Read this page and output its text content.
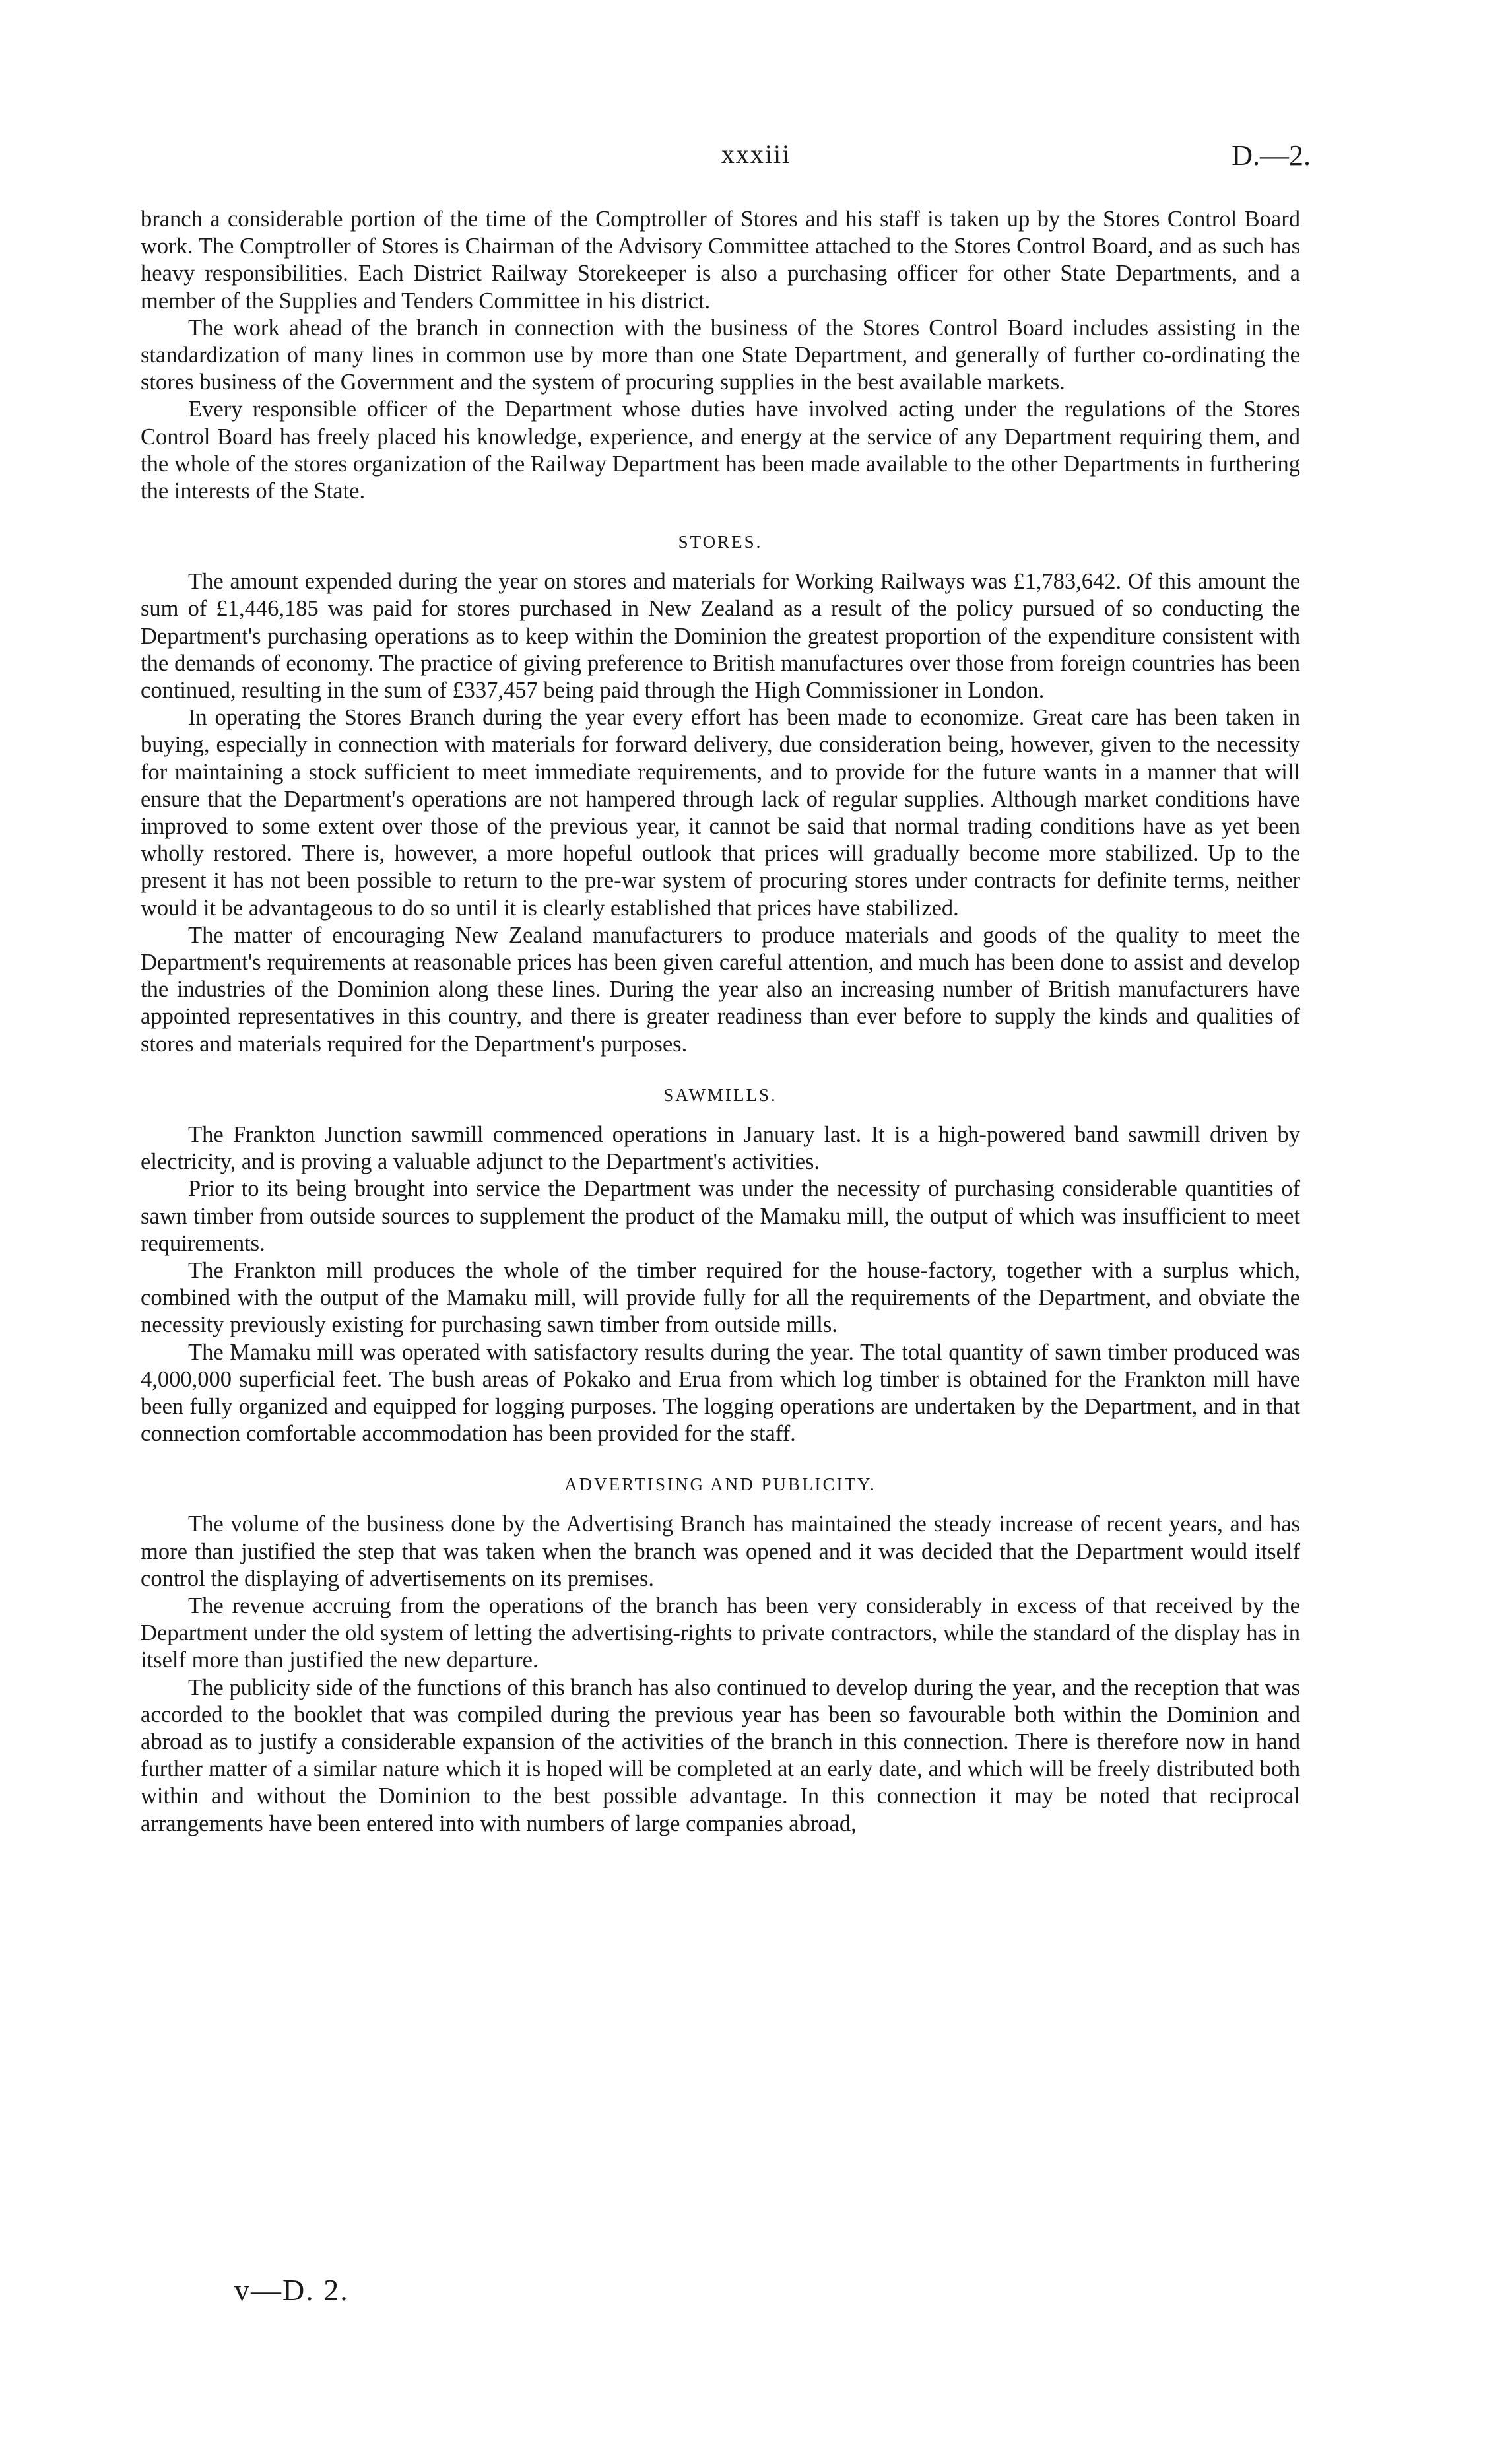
xxxiii	D.—2.

branch a considerable portion of the time of the Comptroller of Stores and his staff is taken up by the Stores Control Board work. The Comptroller of Stores is Chairman of the Advisory Committee attached to the Stores Control Board, and as such has heavy responsibilities. Each District Railway Storekeeper is also a purchasing officer for other State Departments, and a member of the Supplies and Tenders Committee in his district.

The work ahead of the branch in connection with the business of the Stores Control Board includes assisting in the standardization of many lines in common use by more than one State Department, and generally of further co-ordinating the stores business of the Government and the system of procuring supplies in the best available markets.

Every responsible officer of the Department whose duties have involved acting under the regulations of the Stores Control Board has freely placed his knowledge, experience, and energy at the service of any Department requiring them, and the whole of the stores organization of the Railway Department has been made available to the other Departments in furthering the interests of the State.

STORES.

The amount expended during the year on stores and materials for Working Railways was £1,783,642. Of this amount the sum of £1,446,185 was paid for stores purchased in New Zealand as a result of the policy pursued of so conducting the Department's purchasing operations as to keep within the Dominion the greatest proportion of the expenditure consistent with the demands of economy. The practice of giving preference to British manufactures over those from foreign countries has been continued, resulting in the sum of £337,457 being paid through the High Commissioner in London.

In operating the Stores Branch during the year every effort has been made to economize. Great care has been taken in buying, especially in connection with materials for forward delivery, due consideration being, however, given to the necessity for maintaining a stock sufficient to meet immediate requirements, and to provide for the future wants in a manner that will ensure that the Department's operations are not hampered through lack of regular supplies. Although market conditions have improved to some extent over those of the previous year, it cannot be said that normal trading conditions have as yet been wholly restored. There is, however, a more hopeful outlook that prices will gradually become more stabilized. Up to the present it has not been possible to return to the pre-war system of procuring stores under contracts for definite terms, neither would it be advantageous to do so until it is clearly established that prices have stabilized.

The matter of encouraging New Zealand manufacturers to produce materials and goods of the quality to meet the Department's requirements at reasonable prices has been given careful attention, and much has been done to assist and develop the industries of the Dominion along these lines. During the year also an increasing number of British manufacturers have appointed representatives in this country, and there is greater readiness than ever before to supply the kinds and qualities of stores and materials required for the Department's purposes.

SAWMILLS.

The Frankton Junction sawmill commenced operations in January last. It is a high-powered band sawmill driven by electricity, and is proving a valuable adjunct to the Department's activities.

Prior to its being brought into service the Department was under the necessity of purchasing considerable quantities of sawn timber from outside sources to supplement the product of the Mamaku mill, the output of which was insufficient to meet requirements.

The Frankton mill produces the whole of the timber required for the house-factory, together with a surplus which, combined with the output of the Mamaku mill, will provide fully for all the requirements of the Department, and obviate the necessity previously existing for purchasing sawn timber from outside mills.

The Mamaku mill was operated with satisfactory results during the year. The total quantity of sawn timber produced was 4,000,000 superficial feet. The bush areas of Pokako and Erua from which log timber is obtained for the Frankton mill have been fully organized and equipped for logging purposes. The logging operations are undertaken by the Department, and in that connection comfortable accommodation has been provided for the staff.

ADVERTISING AND PUBLICITY.

The volume of the business done by the Advertising Branch has maintained the steady increase of recent years, and has more than justified the step that was taken when the branch was opened and it was decided that the Department would itself control the displaying of advertisements on its premises.

The revenue accruing from the operations of the branch has been very considerably in excess of that received by the Department under the old system of letting the advertising-rights to private contractors, while the standard of the display has in itself more than justified the new departure.

The publicity side of the functions of this branch has also continued to develop during the year, and the reception that was accorded to the booklet that was compiled during the previous year has been so favourable both within the Dominion and abroad as to justify a considerable expansion of the activities of the branch in this connection. There is therefore now in hand further matter of a similar nature which it is hoped will be completed at an early date, and which will be freely distributed both within and without the Dominion to the best possible advantage. In this connection it may be noted that reciprocal arrangements have been entered into with numbers of large companies abroad,

v—D. 2.
